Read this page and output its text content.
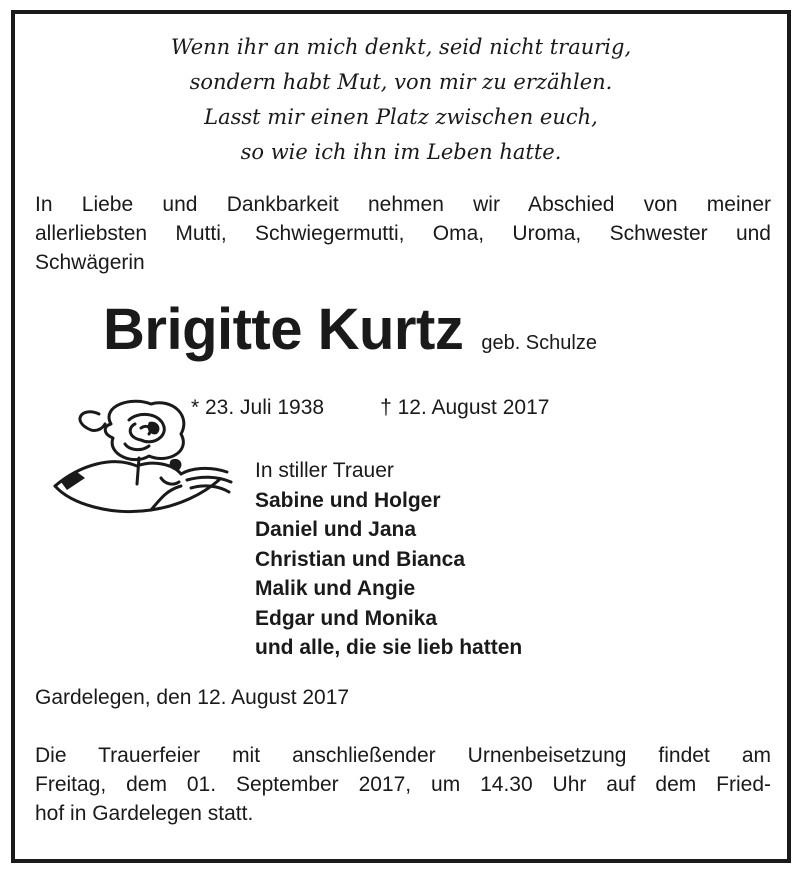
Wenn ihr an mich denkt, seid nicht traurig,
sondern habt Mut, von mir zu erzählen.
Lasst mir einen Platz zwischen euch,
so wie ich ihn im Leben hatte.
In Liebe und Dankbarkeit nehmen wir Abschied von meiner
allerliebsten Mutti, Schwiegermutti, Oma, Uroma, Schwester und
Schwägerin
Brigitte Kurtz geb. Schulze
* 23. Juli 1938	† 12. August 2017
In stiller Trauer
Sabine und Holger
Daniel und Jana
Christian und Bianca
Malik und Angie
Edgar und Monika
und alle, die sie lieb hatten
Gardelegen, den 12. August 2017
Die Trauerfeier mit anschließender Urnenbeisetzung findet am
Freitag, dem 01. September 2017, um 14.30 Uhr auf dem Fried-
hof in Gardelegen statt.
